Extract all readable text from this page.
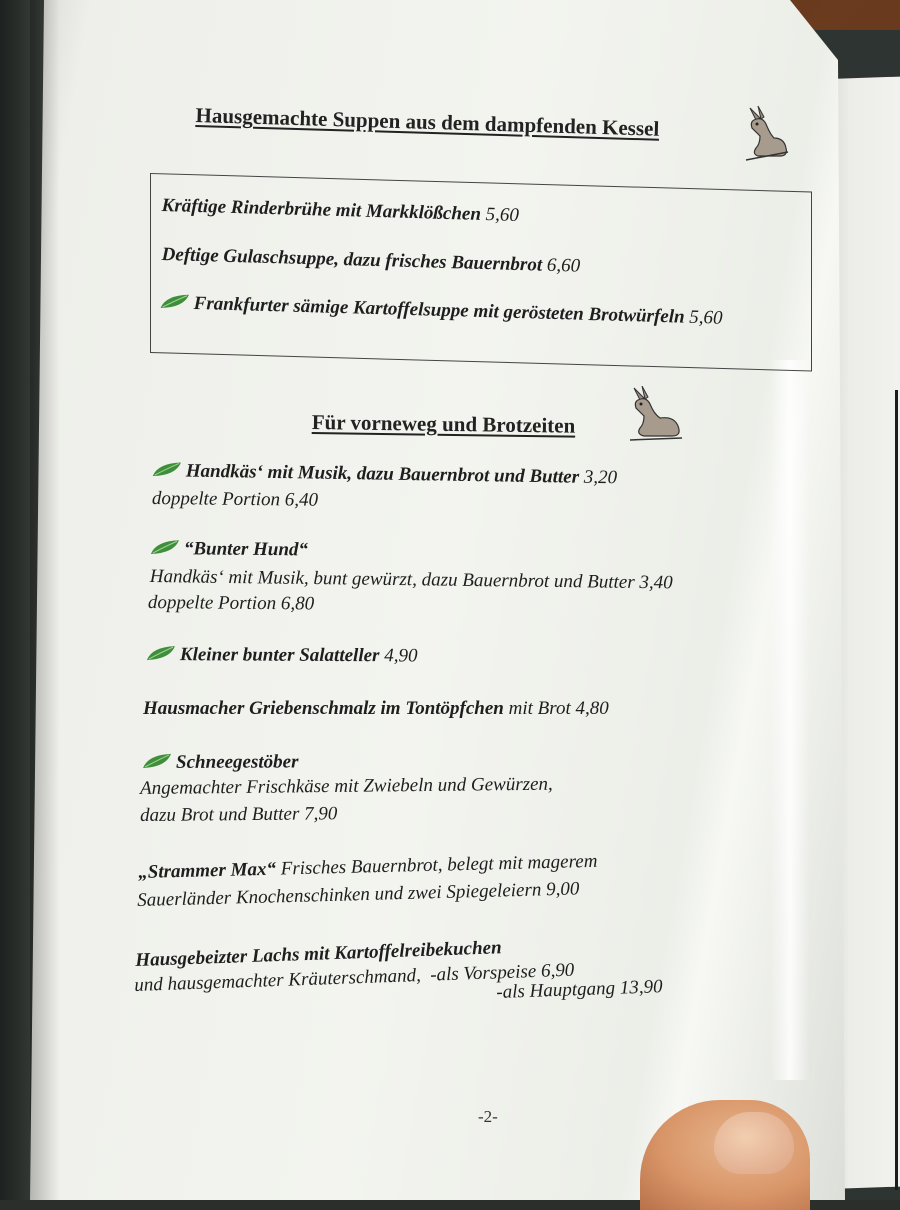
Hausgemachte Suppen aus dem dampfenden Kessel
Kräftige Rinderbrühe mit Markklößchen 5,60
Deftige Gulaschsuppe, dazu frisches Bauernbrot 6,60
Frankfurter sämige Kartoffelsuppe mit gerösteten Brotwürfeln 5,60
Für vorneweg und Brotzeiten
Handkäs‘ mit Musik, dazu Bauernbrot und Butter 3,20
doppelte Portion 6,40
“Bunter Hund“
Handkäs‘ mit Musik, bunt gewürzt, dazu Bauernbrot und Butter 3,40
doppelte Portion 6,80
Kleiner bunter Salatteller 4,90
Hausmacher Griebenschmalz im Tontöpfchen mit Brot 4,80
Schneegestöber
Angemachter Frischkäse mit Zwiebeln und Gewürzen,
dazu Brot und Butter 7,90
„Strammer Max“ Frisches Bauernbrot, belegt mit magerem
Sauerländer Knochenschinken und zwei Spiegeleiern 9,00
Hausgebeizter Lachs mit Kartoffelreibekuchen
und hausgemachter Kräuterschmand, -als Vorspeise 6,90
-als Hauptgang 13,90
-2-
